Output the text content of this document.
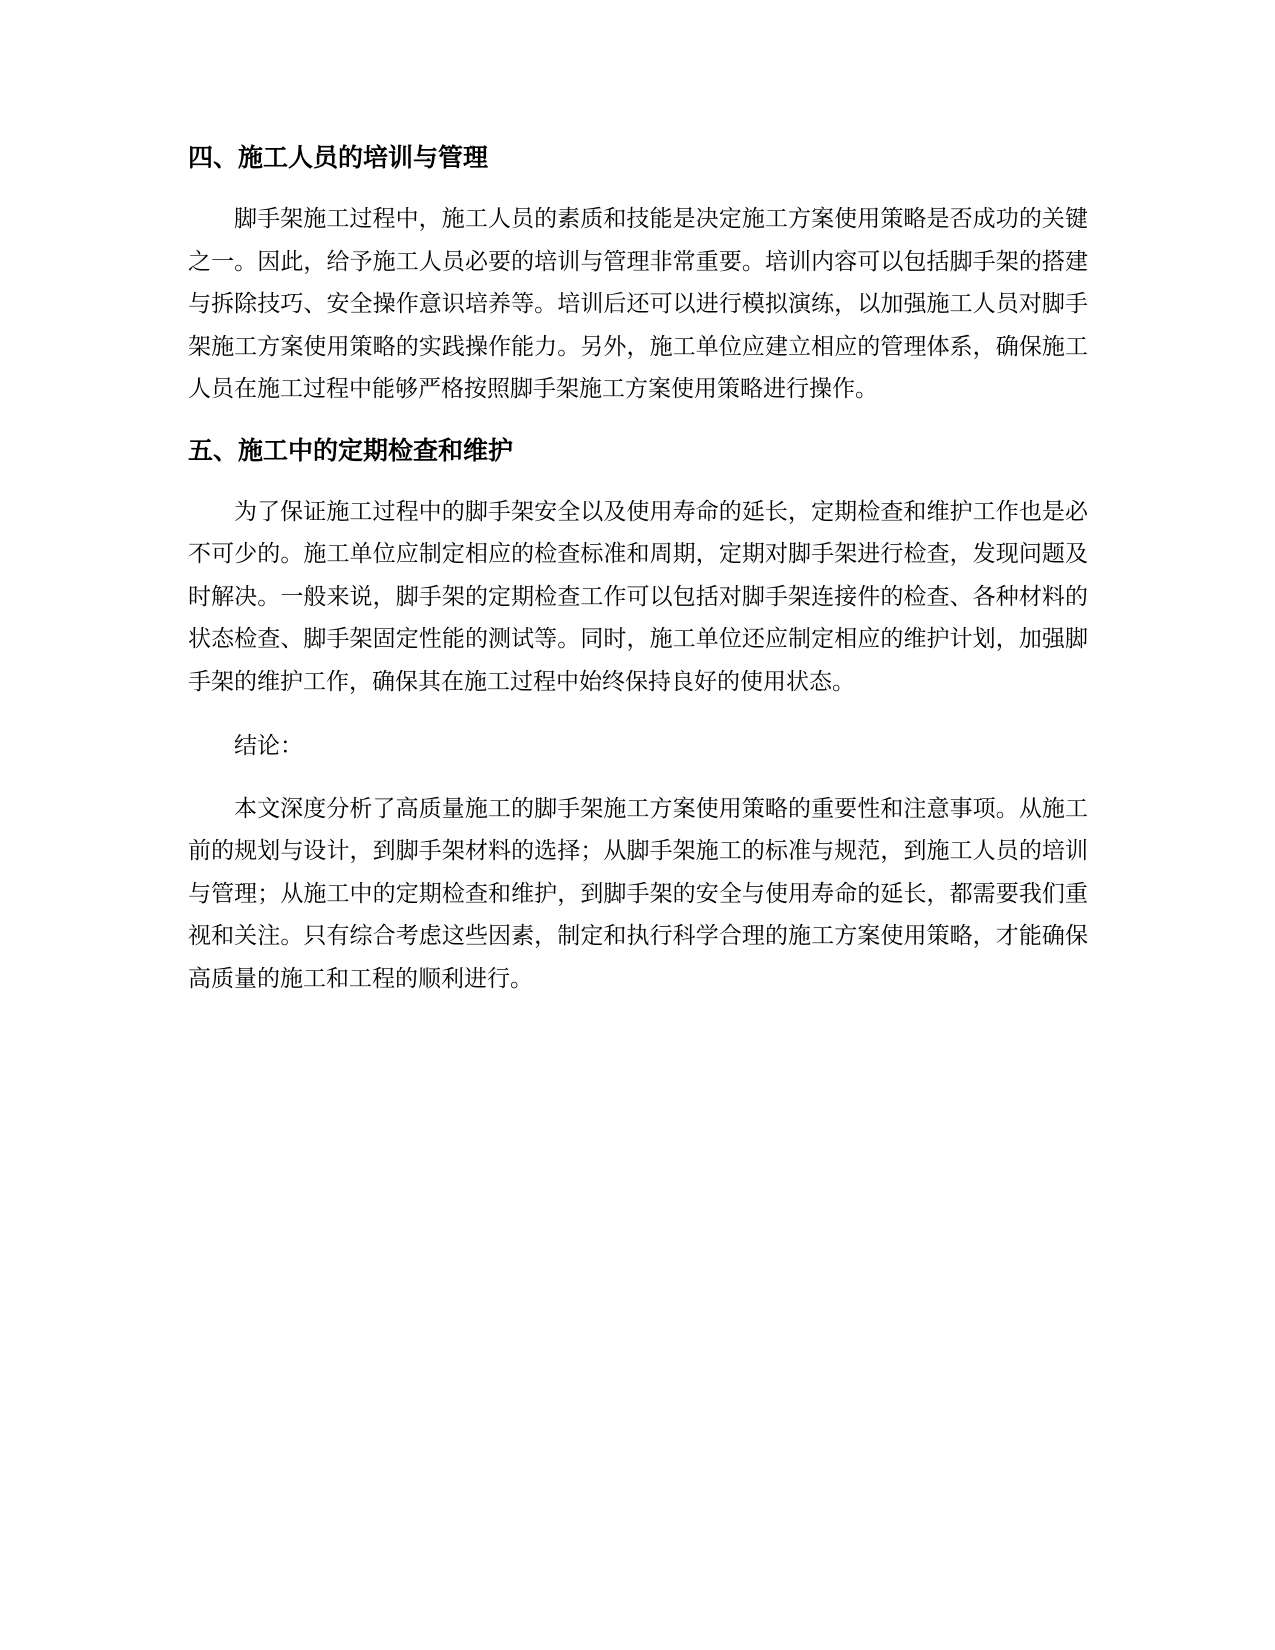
四、施工人员的培训与管理

脚手架施工过程中，施工人员的素质和技能是决定施工方案使用策略是否成功的关键之一。因此，给予施工人员必要的培训与管理非常重要。培训内容可以包括脚手架的搭建与拆除技巧、安全操作意识培养等。培训后还可以进行模拟演练，以加强施工人员对脚手架施工方案使用策略的实践操作能力。另外，施工单位应建立相应的管理体系，确保施工人员在施工过程中能够严格按照脚手架施工方案使用策略进行操作。

五、施工中的定期检查和维护

为了保证施工过程中的脚手架安全以及使用寿命的延长，定期检查和维护工作也是必不可少的。施工单位应制定相应的检查标准和周期，定期对脚手架进行检查，发现问题及时解决。一般来说，脚手架的定期检查工作可以包括对脚手架连接件的检查、各种材料的状态检查、脚手架固定性能的测试等。同时，施工单位还应制定相应的维护计划，加强脚手架的维护工作，确保其在施工过程中始终保持良好的使用状态。

结论：

本文深度分析了高质量施工的脚手架施工方案使用策略的重要性和注意事项。从施工前的规划与设计，到脚手架材料的选择；从脚手架施工的标准与规范，到施工人员的培训与管理；从施工中的定期检查和维护，到脚手架的安全与使用寿命的延长，都需要我们重视和关注。只有综合考虑这些因素，制定和执行科学合理的施工方案使用策略，才能确保高质量的施工和工程的顺利进行。
